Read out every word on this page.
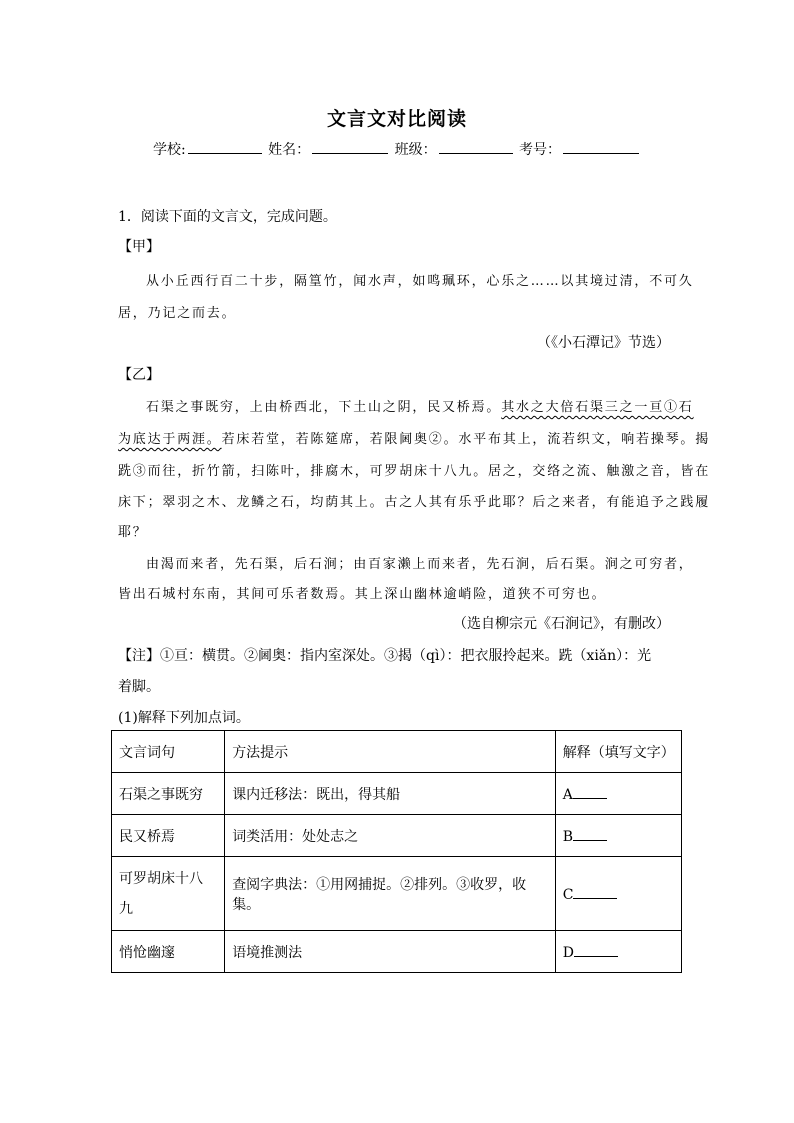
文言文对比阅读
学校:	姓名：	班级：	考号：
1．阅读下面的文言文，完成问题。
【甲】
从小丘西行百二十步，隔篁竹，闻水声，如鸣珮环，心乐之……以其境过清，不可久
居，乃记之而去。
（《小石潭记》节选）
【乙】
石渠之事既穷，上由桥西北，下土山之阴，民又桥焉。其水之大倍石渠三之一亘①石
为底达于两涯。若床若堂，若陈筵席，若限阃奥②。水平布其上，流若织文，响若操琴。揭
跣③而往，折竹箭，扫陈叶，排腐木，可罗胡床十八九。居之，交络之流、触激之音，皆在
床下；翠羽之木、龙鳞之石，均荫其上。古之人其有乐乎此耶？后之来者，有能追予之践履
耶？
由渴而来者，先石渠，后石涧；由百家濑上而来者，先石涧，后石渠。涧之可穷者，
皆出石城村东南，其间可乐者数焉。其上深山幽林逾峭险，道狭不可穷也。
（选自柳宗元《石涧记》，有删改）
【注】①亘：横贯。②阃奥：指内室深处。③揭（qì）：把衣服拎起来。跣（xiǎn）：光
着脚。
(1)解释下列加点词。
文言词句	方法提示	解释（填写文字）
石渠之事既穷	课内迁移法：既出，得其船	A
民又桥焉	词类活用：处处志之	B

可罗胡床十八九	查阅字典法：①用网捕捉。②排列。③收罗，收集。	C
悄怆幽邃	语境推测法	D
